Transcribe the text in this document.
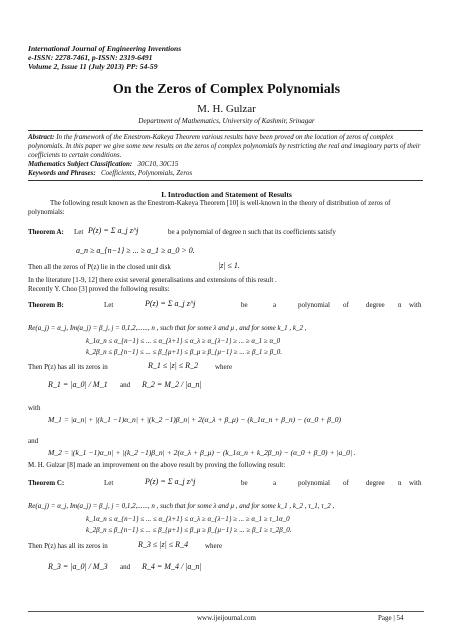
International Journal of Engineering Inventions
e-ISSN: 2278-7461, p-ISSN: 2319-6491
Volume 2, Issue 11 (July 2013) PP: 54-59
On the Zeros of Complex Polynomials
M. H. Gulzar
Department of Mathematics, University of Kashmir, Srinagar
Abstract: In the framework of the Enestrom-Kakeya Theorem various results have been proved on the location of zeros of complex polynomials. In this paper we give some new results on the zeros of complex polynomials by restricting the real and imaginary parts of their coefficients to certain conditions.
Mathematics Subject Classification: 30C10, 30C15
Keywords and Phrases: Coefficients, Polynomials, Zeros
I. Introduction and Statement of Results
The following result known as the Enestrom-Kakeya Theorem [10] is well-known in the theory of distribution of zeros of polynomials:
Theorem A: Let P(z) = Σ a_j z^j	be a polynomial of degree n such that its coefficients satisfy
a_n ≥ a_{n−1} ≥ ... ≥ a_1 ≥ a_0 > 0.
Then all the zeros of P(z) lie in the closed unit disk	|z| ≤ 1.
In the literature [1-9, 12] there exist several generalisations and extensions of this result .
Recently Y. Choo [3] proved the following results:
Theorem B:	Let	P(z) = Σ a_j z^j	be	a	polynomial of degree n with
Re(a_j) = α_j, Im(a_j) = β_j, j = 0,1,2,......, n , such that for some λ and μ , and for some k_1 , k_2 ,
k_1α_n ≤ α_{n−1} ≤ ... ≤ α_{λ+1} ≤ α_λ ≥ α_{λ−1} ≥ ... ≥ α_1 ≥ α_0
k_2β_n ≤ β_{n−1} ≤ ... ≤ β_{μ+1} ≤ β_μ ≥ β_{μ−1} ≥ ... ≥ β_1 ≥ β_0.
Then P(z) has all its zeros in	R_1 ≤ |z| ≤ R_2 where
R_1 = |a_0| / M_1 and R_2 = M_2 / |a_n|
with
M_1 = |a_n| + |(k_1 −1)α_n| + |(k_2 −1)β_n| + 2(α_λ + β_μ) − (k_1α_n + β_n) − (α_0 + β_0)
and
M_2 = |(k_1 −1)α_n| + |(k_2 −1)β_n| + 2(α_λ + β_μ) − (k_1α_n + k_2β_n) − (α_0 + β_0) + |a_0| .
M. H. Gulzar [8] made an improvement on the above result by proving the following result:
Theorem C:	Let	P(z) = Σ a_j z^j	be	a	polynomial of degree n with
Re(a_j) = α_j, Im(a_j) = β_j, j = 0,1,2,......, n , such that for some λ and μ , and for some k_1 , k_2 , τ_1, τ_2 ,
k_1α_n ≤ α_{n−1} ≤ ... ≤ α_{λ+1} ≤ α_λ ≥ α_{λ−1} ≥ ... ≥ α_1 ≥ τ_1α_0
k_2β_n ≤ β_{n−1} ≤ ... ≤ β_{μ+1} ≤ β_μ ≥ β_{μ−1} ≥ ... ≥ β_1 ≥ τ_2β_0.
Then P(z) has all its zeros in	R_3 ≤ |z| ≤ R_4 where
R_3 = |a_0| / M_3 and R_4 = M_4 / |a_n|
www.ijeijournal.com	Page | 54
